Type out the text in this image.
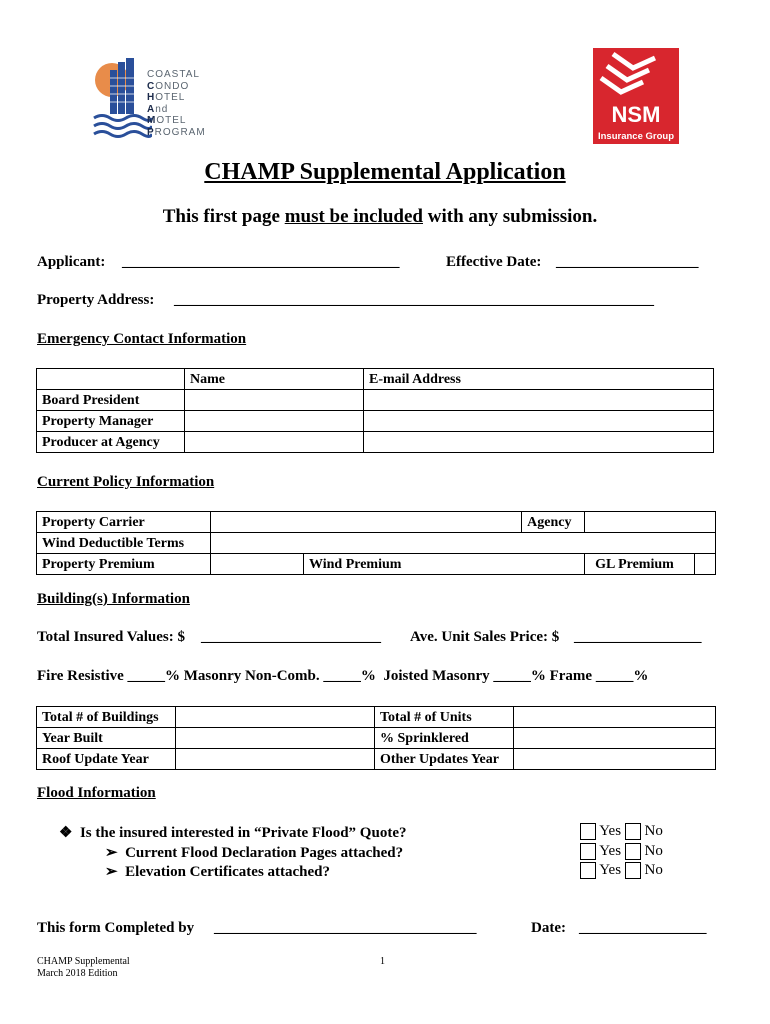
COASTAL
CONDO
HOTEL
And
MOTEL
PROGRAM
NSM
Insurance Group
CHAMP Supplemental Application
This first page must be included with any submission.
Applicant: _____________________________________	Effective Date: ___________________
Property Address: ________________________________________________________________
Emergency Contact Information
	Name	E-mail Address
Board President		
Property Manager		
Producer at Agency		
Current Policy Information
Property Carrier			Agency		
Wind Deductible Terms					
Property Premium		Wind Premium		GL Premium	
Building(s) Information
Total Insured Values: $ ________________________ Ave. Unit Sales Price: $ _________________
Fire Resistive _____% Masonry Non-Comb. _____%  Joisted Masonry _____% Frame _____%
Total # of Buildings		Total # of Units	
Year Built		% Sprinklered	
Roof Update Year		Other Updates Year	
Flood Information
❖ Is the insured interested in “Private Flood” Quote?
➢ Current Flood Declaration Pages attached?
➢ Elevation Certificates attached?
Yes No
Yes No
Yes No
This form Completed by ___________________________________	Date: _________________
CHAMP Supplemental
March 2018 Edition
1
